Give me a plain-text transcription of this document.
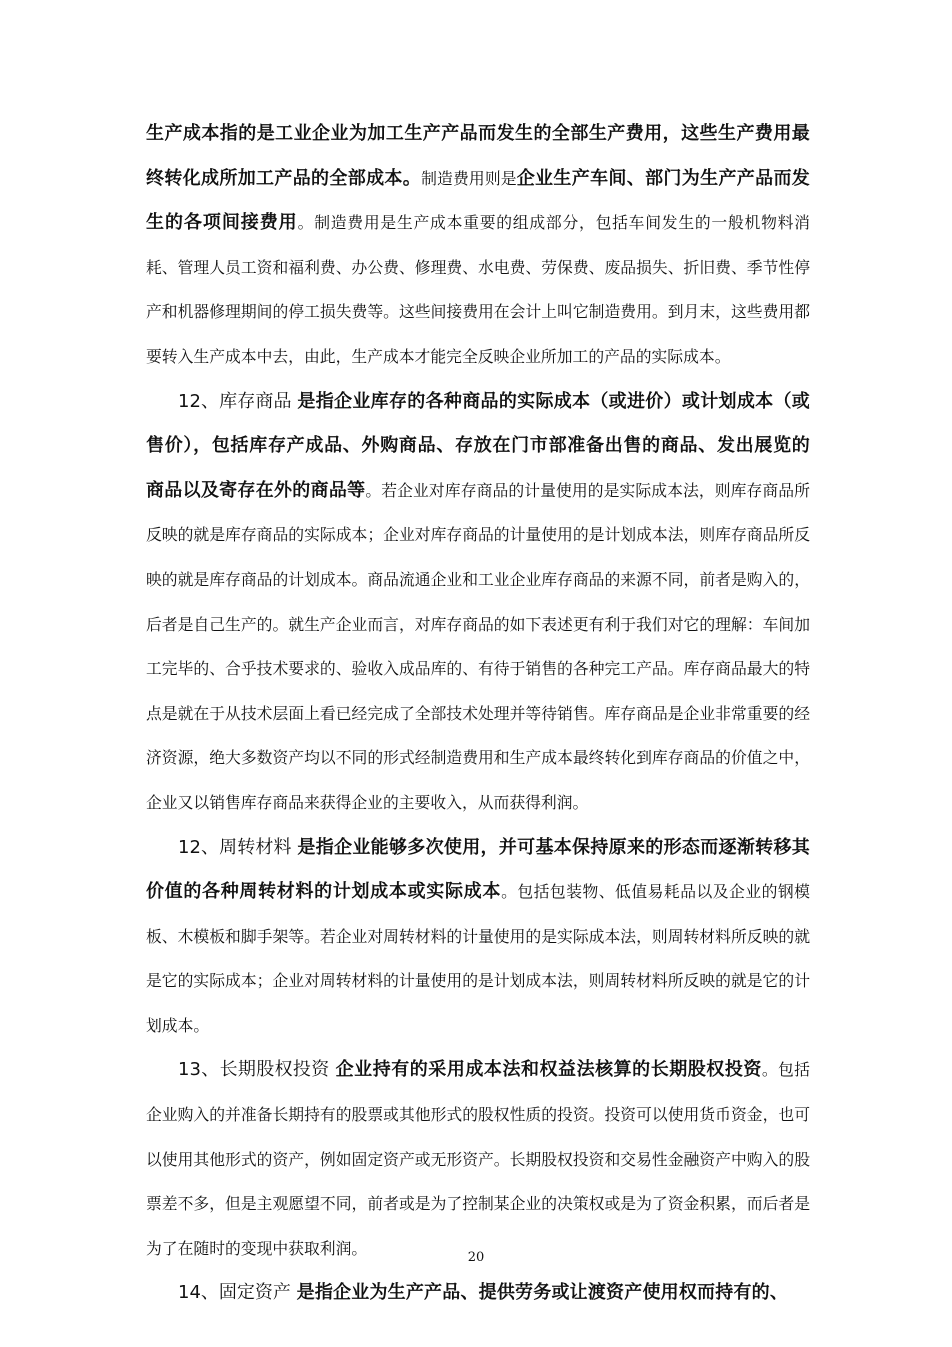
生产成本指的是工业企业为加工生产产品而发生的全部生产费用，这些生产费用最终转化成所加工产品的全部成本。制造费用则是企业生产车间、部门为生产产品而发生的各项间接费用。制造费用是生产成本重要的组成部分，包括车间发生的一般机物料消耗、管理人员工资和福利费、办公费、修理费、水电费、劳保费、废品损失、折旧费、季节性停产和机器修理期间的停工损失费等。这些间接费用在会计上叫它制造费用。到月末，这些费用都要转入生产成本中去，由此，生产成本才能完全反映企业所加工的产品的实际成本。

12、库存商品 是指企业库存的各种商品的实际成本（或进价）或计划成本（或售价），包括库存产成品、外购商品、存放在门市部准备出售的商品、发出展览的商品以及寄存在外的商品等。若企业对库存商品的计量使用的是实际成本法，则库存商品所反映的就是库存商品的实际成本；企业对库存商品的计量使用的是计划成本法，则库存商品所反映的就是库存商品的计划成本。商品流通企业和工业企业库存商品的来源不同，前者是购入的，后者是自己生产的。就生产企业而言，对库存商品的如下表述更有利于我们对它的理解：车间加工完毕的、合乎技术要求的、验收入成品库的、有待于销售的各种完工产品。库存商品最大的特点是就在于从技术层面上看已经完成了全部技术处理并等待销售。库存商品是企业非常重要的经济资源，绝大多数资产均以不同的形式经制造费用和生产成本最终转化到库存商品的价值之中，企业又以销售库存商品来获得企业的主要收入，从而获得利润。

12、周转材料 是指企业能够多次使用，并可基本保持原来的形态而逐渐转移其价值的各种周转材料的计划成本或实际成本。包括包装物、低值易耗品以及企业的钢模板、木模板和脚手架等。若企业对周转材料的计量使用的是实际成本法，则周转材料所反映的就是它的实际成本；企业对周转材料的计量使用的是计划成本法，则周转材料所反映的就是它的计划成本。

13、长期股权投资 企业持有的采用成本法和权益法核算的长期股权投资。包括企业购入的并准备长期持有的股票或其他形式的股权性质的投资。投资可以使用货币资金，也可以使用其他形式的资产，例如固定资产或无形资产。长期股权投资和交易性金融资产中购入的股票差不多，但是主观愿望不同，前者或是为了控制某企业的决策权或是为了资金积累，而后者是为了在随时的变现中获取利润。

14、固定资产 是指企业为生产产品、提供劳务或让渡资产使用权而持有的、

20
